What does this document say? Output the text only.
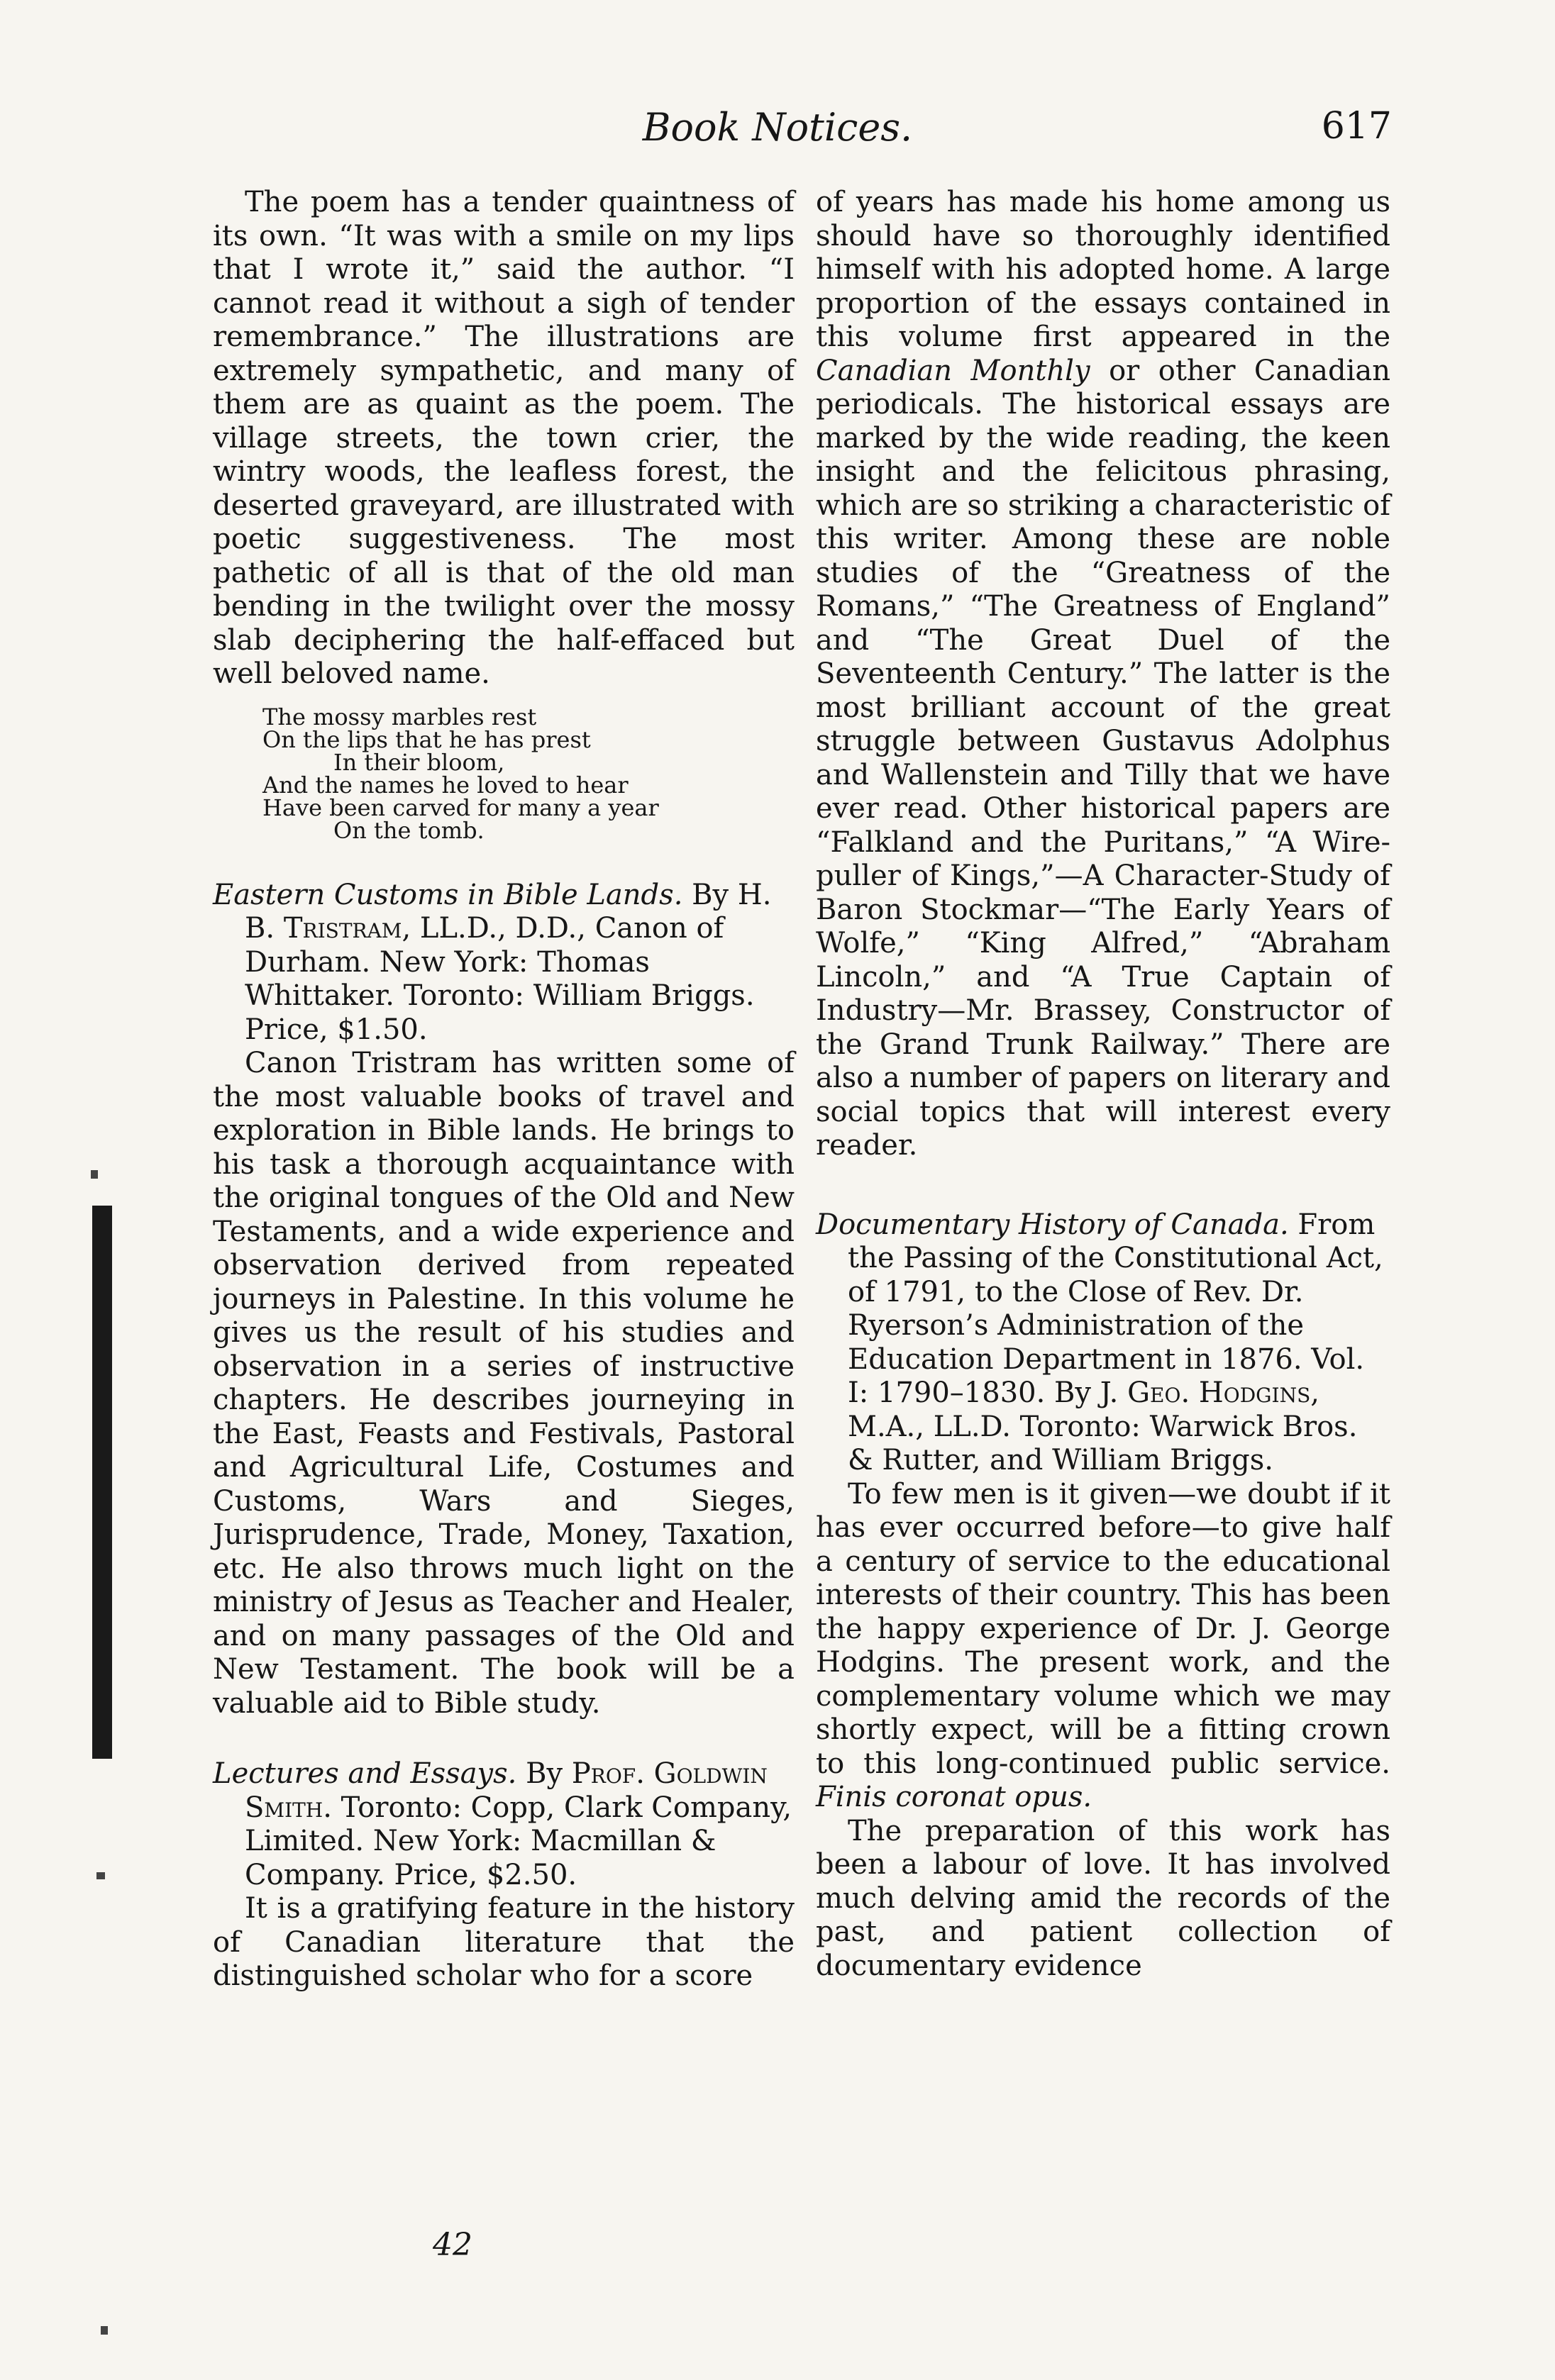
Book Notices.	617

The poem has a tender quaintness of its own. “It was with a smile on my lips that I wrote it,” said the author. “I cannot read it without a sigh of tender remembrance.” The illustrations are extremely sympathetic, and many of them are as quaint as the poem. The village streets, the town crier, the wintry woods, the leafless forest, the deserted graveyard, are illustrated with poetic suggestiveness. The most pathetic of all is that of the old man bending in the twilight over the mossy slab deciphering the half-effaced but well beloved name.

The mossy marbles rest
On the lips that he has prest
In their bloom,
And the names he loved to hear
Have been carved for many a year
On the tomb.
Eastern Customs in Bible Lands. By H. B. Tristram, LL.D., D.D., Canon of Durham. New York: Thomas Whittaker. Toronto: William Briggs. Price, $1.50.

Canon Tristram has written some of the most valuable books of travel and exploration in Bible lands. He brings to his task a thorough acquaintance with the original tongues of the Old and New Testaments, and a wide experience and observation derived from repeated journeys in Palestine. In this volume he gives us the result of his studies and observation in a series of instructive chapters. He describes journeying in the East, Feasts and Festivals, Pastoral and Agricultural Life, Costumes and Customs, Wars and Sieges, Jurisprudence, Trade, Money, Taxation, etc. He also throws much light on the ministry of Jesus as Teacher and Healer, and on many passages of the Old and New Testament. The book will be a valuable aid to Bible study.

Lectures and Essays. By Prof. Goldwin Smith. Toronto: Copp, Clark Company, Limited. New York: Macmillan & Company. Price, $2.50.

It is a gratifying feature in the history of Canadian literature that the distinguished scholar who for a score

of years has made his home among us should have so thoroughly identified himself with his adopted home. A large proportion of the essays contained in this volume first appeared in the Canadian Monthly or other Canadian periodicals. The historical essays are marked by the wide reading, the keen insight and the felicitous phrasing, which are so striking a characteristic of this writer. Among these are noble studies of the “Greatness of the Romans,” “The Greatness of England” and “The Great Duel of the Seventeenth Century.” The latter is the most brilliant account of the great struggle between Gustavus Adolphus and Wallenstein and Tilly that we have ever read. Other historical papers are “Falkland and the Puritans,” “A Wire-puller of Kings,”—A Character-Study of Baron Stockmar—“The Early Years of Wolfe,” “King Alfred,” “Abraham Lincoln,” and “A True Captain of Industry—Mr. Brassey, Constructor of the Grand Trunk Railway.” There are also a number of papers on literary and social topics that will interest every reader.

Documentary History of Canada. From the Passing of the Constitutional Act, of 1791, to the Close of Rev. Dr. Ryerson’s Administration of the Education Department in 1876. Vol. I: 1790–1830. By J. Geo. Hodgins, M.A., LL.D. Toronto: Warwick Bros. & Rutter, and William Briggs.

To few men is it given—we doubt if it has ever occurred before—to give half a century of service to the educational interests of their country. This has been the happy experience of Dr. J. George Hodgins. The present work, and the complementary volume which we may shortly expect, will be a fitting crown to this long-continued public service. Finis coronat opus.

The preparation of this work has been a labour of love. It has involved much delving amid the records of the past, and patient collection of documentary evidence

42
